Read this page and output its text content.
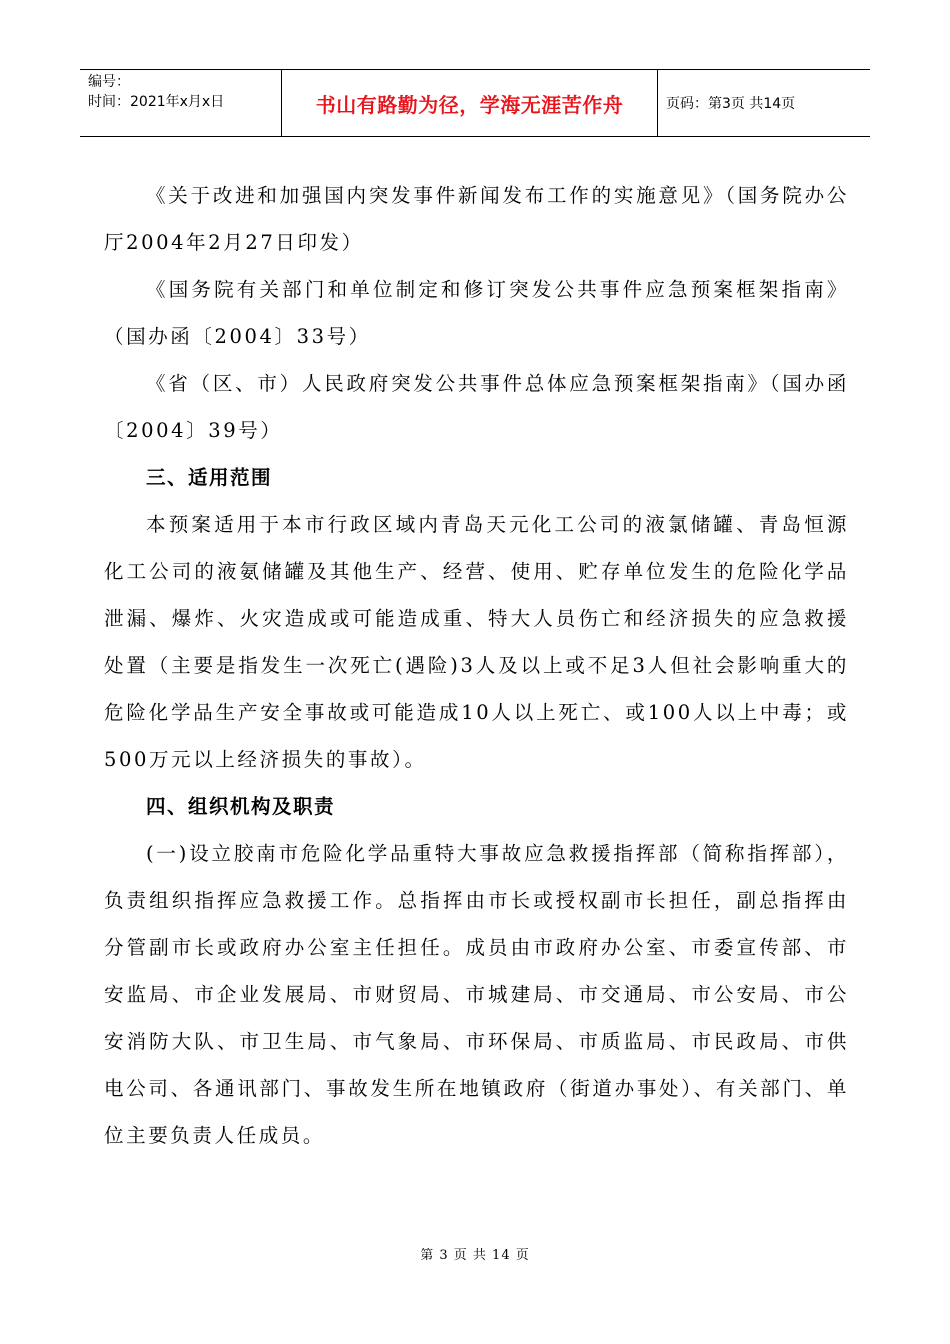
编号：
时间：2021年x月x日	书山有路勤为径，学海无涯苦作舟	页码：第3页 共14页

《关于改进和加强国内突发事件新闻发布工作的实施意见》（国务院办公厅2004年2月27日印发）

《国务院有关部门和单位制定和修订突发公共事件应急预案框架指南》（国办函〔2004〕33号）

《省（区、市）人民政府突发公共事件总体应急预案框架指南》（国办函〔2004〕39号）

三、适用范围

本预案适用于本市行政区域内青岛天元化工公司的液氯储罐、青岛恒源化工公司的液氨储罐及其他生产、经营、使用、贮存单位发生的危险化学品泄漏、爆炸、火灾造成或可能造成重、特大人员伤亡和经济损失的应急救援处置（主要是指发生一次死亡(遇险)3人及以上或不足3人但社会影响重大的危险化学品生产安全事故或可能造成10人以上死亡、或100人以上中毒；或500万元以上经济损失的事故）。

四、组织机构及职责

(一)设立胶南市危险化学品重特大事故应急救援指挥部（简称指挥部），负责组织指挥应急救援工作。总指挥由市长或授权副市长担任，副总指挥由分管副市长或政府办公室主任担任。成员由市政府办公室、市委宣传部、市安监局、市企业发展局、市财贸局、市城建局、市交通局、市公安局、市公安消防大队、市卫生局、市气象局、市环保局、市质监局、市民政局、市供电公司、各通讯部门、事故发生所在地镇政府（街道办事处）、有关部门、单位主要负责人任成员。

第 3 页 共 14 页
